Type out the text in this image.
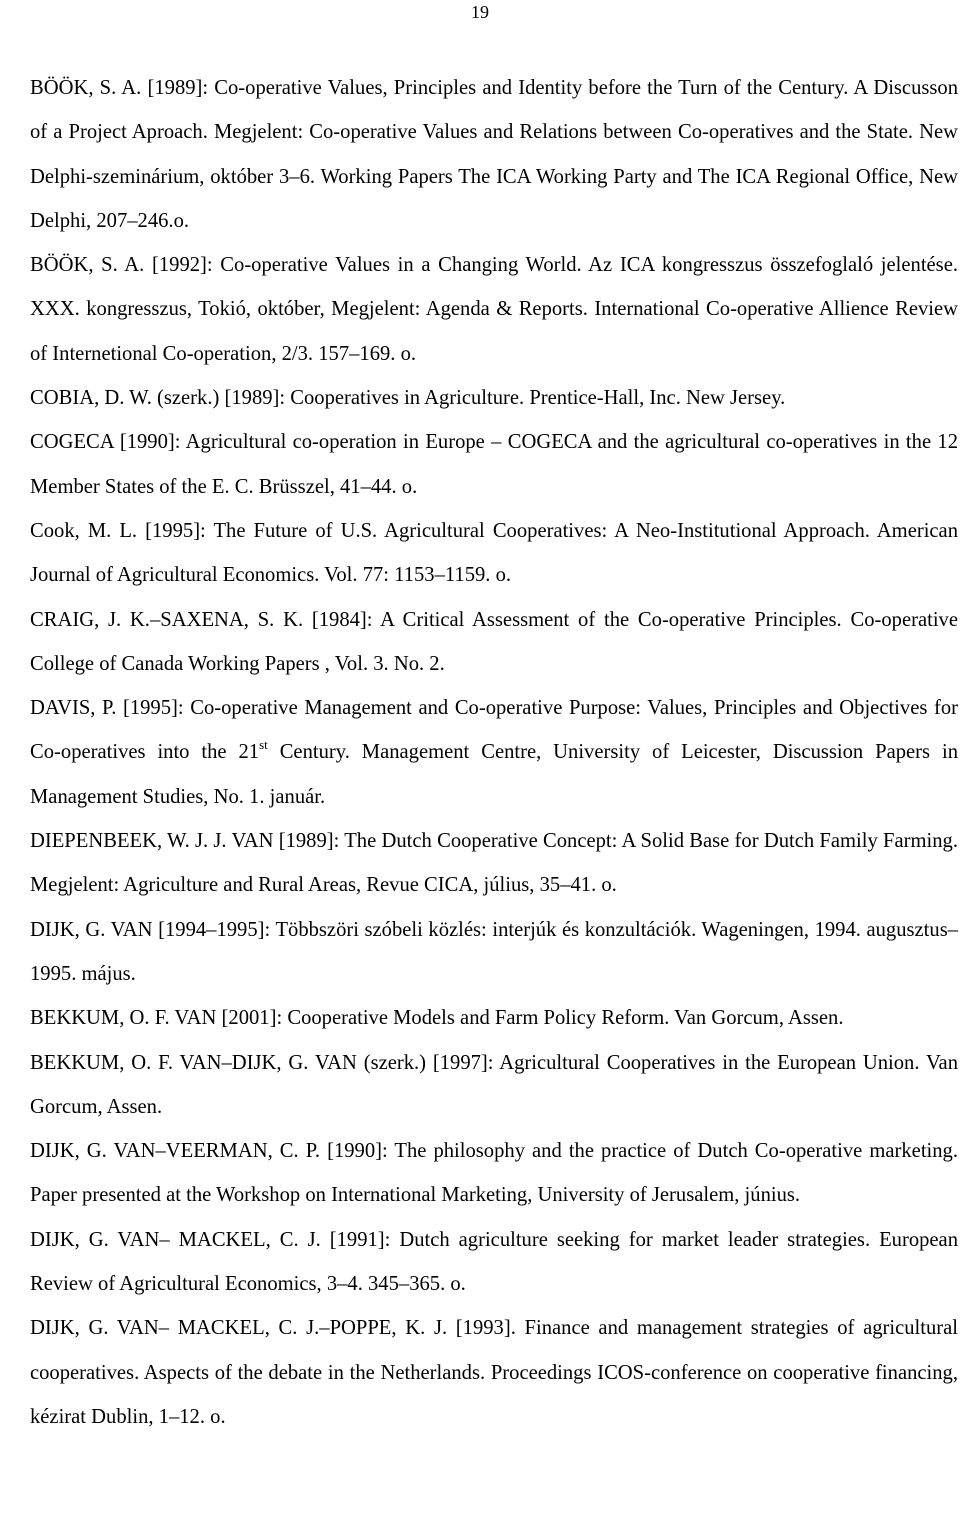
19

BÖÖK, S. A. [1989]: Co-operative Values, Principles and Identity before the Turn of the Century. A Discusson of a Project Aproach. Megjelent: Co-operative Values and Relations between Co-operatives and the State. New Delphi-szeminárium, október 3–6. Working Papers The ICA Working Party and The ICA Regional Office, New Delphi, 207–246.o.

BÖÖK, S. A. [1992]: Co-operative Values in a Changing World. Az ICA kongresszus összefoglaló jelentése. XXX. kongresszus, Tokió, október, Megjelent: Agenda & Reports. International Co-operative Allience Review of Internetional Co-operation, 2/3. 157–169. o.

COBIA, D. W. (szerk.) [1989]: Cooperatives in Agriculture. Prentice-Hall, Inc. New Jersey.

COGECA [1990]: Agricultural co-operation in Europe – COGECA and the agricultural co-operatives in the 12 Member States of the E. C. Brüsszel, 41–44. o.

Cook, M. L. [1995]: The Future of U.S. Agricultural Cooperatives: A Neo-Institutional Approach. American Journal of Agricultural Economics. Vol. 77: 1153–1159. o.

CRAIG, J. K.–SAXENA, S. K. [1984]: A Critical Assessment of the Co-operative Principles. Co-operative College of Canada Working Papers , Vol. 3. No. 2.

DAVIS, P. [1995]: Co-operative Management and Co-operative Purpose: Values, Principles and Objectives for Co-operatives into the 21st Century. Management Centre, University of Leicester, Discussion Papers in Management Studies, No. 1. január.

DIEPENBEEK, W. J. J. VAN [1989]: The Dutch Cooperative Concept: A Solid Base for Dutch Family Farming. Megjelent: Agriculture and Rural Areas, Revue CICA, július, 35–41. o.

DIJK, G. VAN [1994–1995]: Többszöri szóbeli közlés: interjúk és konzultációk. Wageningen, 1994. augusztus–1995. május.

BEKKUM, O. F. VAN [2001]: Cooperative Models and Farm Policy Reform. Van Gorcum, Assen.

BEKKUM, O. F. VAN–DIJK, G. VAN (szerk.) [1997]: Agricultural Cooperatives in the European Union. Van Gorcum, Assen.

DIJK, G. VAN–VEERMAN, C. P. [1990]: The philosophy and the practice of Dutch Co-operative marketing. Paper presented at the Workshop on International Marketing, University of Jerusalem, június.

DIJK, G. VAN– MACKEL, C. J. [1991]: Dutch agriculture seeking for market leader strategies. European Review of Agricultural Economics, 3–4. 345–365. o.

DIJK, G. VAN– MACKEL, C. J.–POPPE, K. J. [1993]. Finance and management strategies of agricultural cooperatives. Aspects of the debate in the Netherlands. Proceedings ICOS-conference on cooperative financing, kézirat Dublin, 1–12. o.
